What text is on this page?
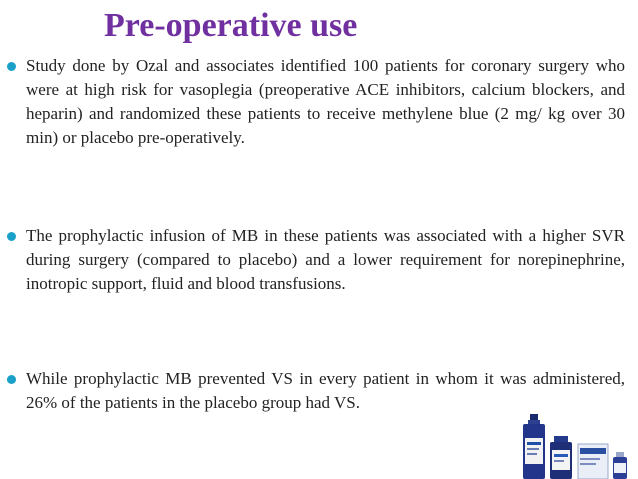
Pre-operative use

Study done by Ozal and associates identified 100 patients for coronary surgery who were at high risk for vasoplegia (preoperative ACE inhibitors, calcium blockers, and heparin) and randomized these patients to receive methylene blue (2 mg/ kg over 30 min) or placebo pre-operatively.

The prophylactic infusion of MB in these patients was associated with a higher SVR during surgery (compared to placebo) and a lower requirement for norepinephrine, inotropic support, fluid and blood transfusions.

While prophylactic MB prevented VS in every patient in whom it was administered, 26% of the patients in the placebo group had VS.
